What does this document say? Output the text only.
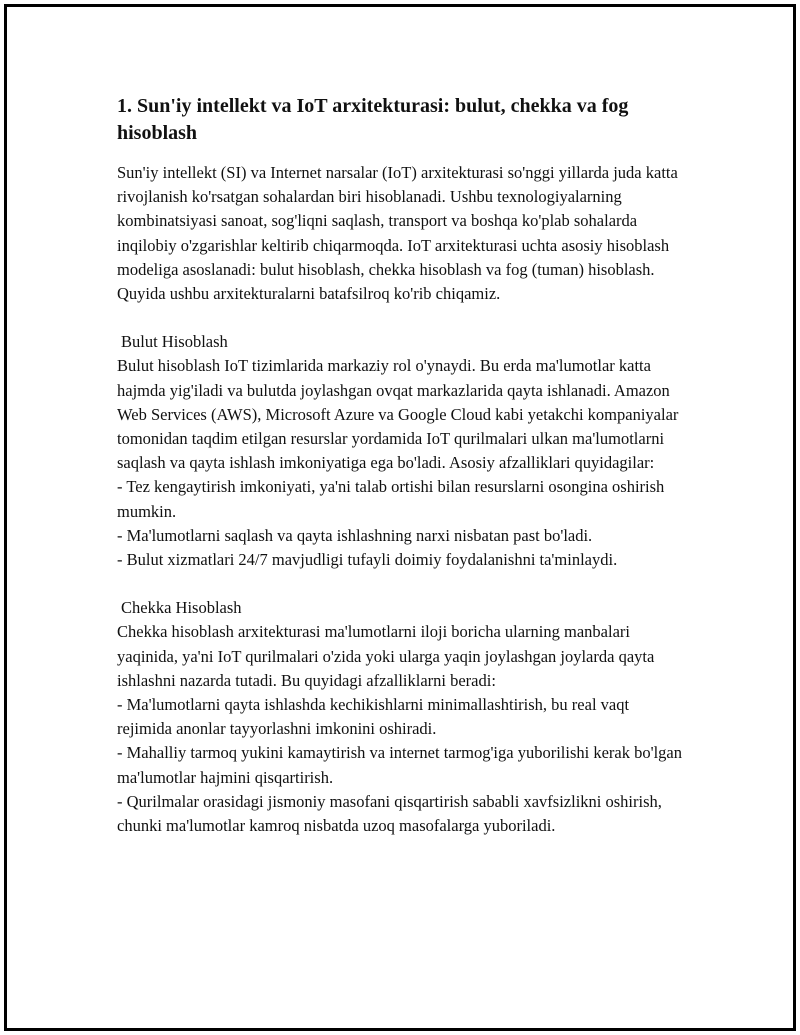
1. Sun'iy intellekt va IoT arxitekturasi: bulut, chekka va fog hisoblash

Sun'iy intellekt (SI) va Internet narsalar (IoT) arxitekturasi so'nggi yillarda juda katta rivojlanish ko'rsatgan sohalardan biri hisoblanadi. Ushbu texnologiyalarning kombinatsiyasi sanoat, sog'liqni saqlash, transport va boshqa ko'plab sohalarda inqilobiy o'zgarishlar keltirib chiqarmoqda. IoT arxitekturasi uchta asosiy hisoblash modeliga asoslanadi: bulut hisoblash, chekka hisoblash va fog (tuman) hisoblash. Quyida ushbu arxitekturalarni batafsilroq ko'rib chiqamiz.

Bulut Hisoblash

Bulut hisoblash IoT tizimlarida markaziy rol o'ynaydi. Bu erda ma'lumotlar katta hajmda yig'iladi va bulutda joylashgan ovqat markazlarida qayta ishlanadi. Amazon Web Services (AWS), Microsoft Azure va Google Cloud kabi yetakchi kompaniyalar tomonidan taqdim etilgan resurslar yordamida IoT qurilmalari ulkan ma'lumotlarni saqlash va qayta ishlash imkoniyatiga ega bo'ladi. Asosiy afzalliklari quyidagilar:

- Tez kengaytirish imkoniyati, ya'ni talab ortishi bilan resurslarni osongina oshirish mumkin.

- Ma'lumotlarni saqlash va qayta ishlashning narxi nisbatan past bo'ladi.

- Bulut xizmatlari 24/7 mavjudligi tufayli doimiy foydalanishni ta'minlaydi.

Chekka Hisoblash

Chekka hisoblash arxitekturasi ma'lumotlarni iloji boricha ularning manbalari yaqinida, ya'ni IoT qurilmalari o'zida yoki ularga yaqin joylashgan joylarda qayta ishlashni nazarda tutadi. Bu quyidagi afzalliklarni beradi:

- Ma'lumotlarni qayta ishlashda kechikishlarni minimallashtirish, bu real vaqt rejimida anonlar tayyorlashni imkonini oshiradi.

- Mahalliy tarmoq yukini kamaytirish va internet tarmog'iga yuborilishi kerak bo'lgan ma'lumotlar hajmini qisqartirish.

- Qurilmalar orasidagi jismoniy masofani qisqartirish sababli xavfsizlikni oshirish, chunki ma'lumotlar kamroq nisbatda uzoq masofalarga yuboriladi.
